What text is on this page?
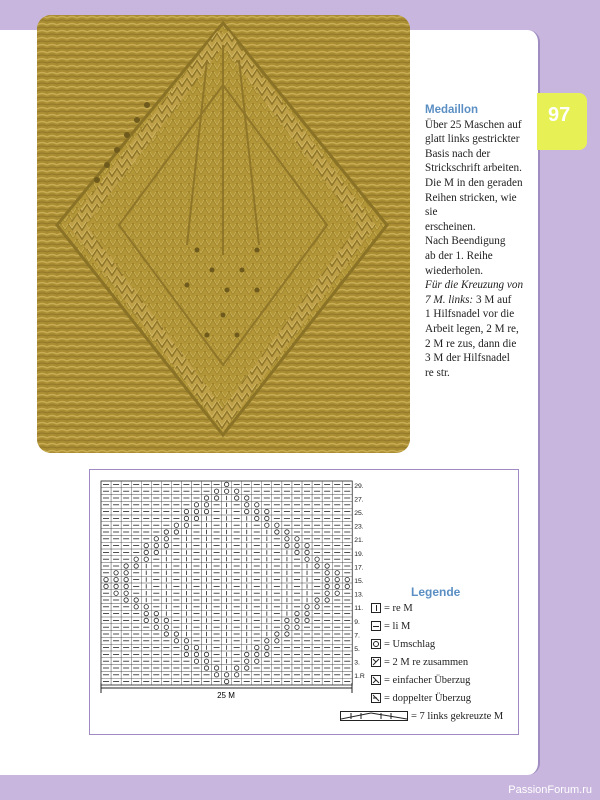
97
Medaillon
Über 25 Maschen auf
glatt links gestrickter
Basis nach der
Strickschrift arbeiten.
Die M in den geraden
Reihen stricken, wie sie
erscheinen.
Nach Beendigung
ab der 1. Reihe
wiederholen.
Für die Kreuzung von 7 M. links: 3 M auf
1 Hilfsnadel vor die
Arbeit legen, 2 M re,
2 M re zus, dann die
3 M der Hilfsnadel
re str.
29.
27.
25.
23.
21.
19.
17.
15.
13.
11.
9.
7.
5.
3.
1.R
25 M
Legende
= re M
= li M
= Umschlag
= 2 M re zusammen
= einfacher Überzug
= doppelter Überzug
= 7 links gekreuzte M
PassionForum.ru
